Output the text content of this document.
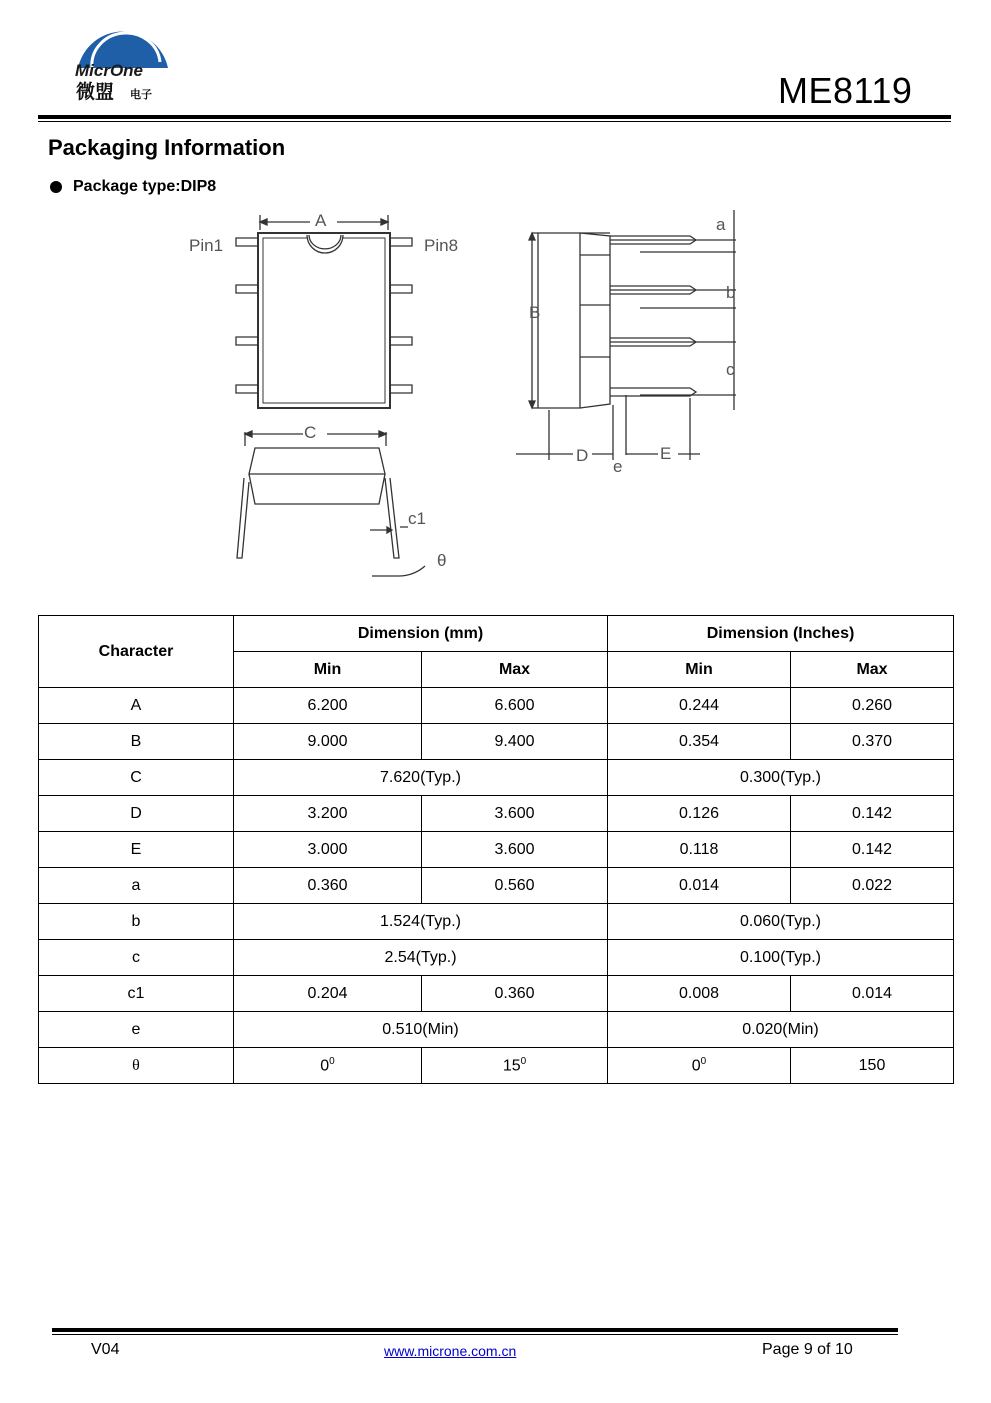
MicrOne
微盟 电子	ME8119
Packaging Information
Package type:DIP8
A
Pin1	Pin8
C
c1
θ
B
a
b
c
D
e
E
Character	Dimension (mm)		Dimension (Inches)	
	Min	Max	Min	Max
A	6.200	6.600	0.244	0.260
B	9.000	9.400	0.354	0.370
C	7.620(Typ.)		0.300(Typ.)	
D	3.200	3.600	0.126	0.142
E	3.000	3.600	0.118	0.142
a	0.360	0.560	0.014	0.022
b	1.524(Typ.)		0.060(Typ.)	
c	2.54(Typ.)		0.100(Typ.)	
c1	0.204	0.360	0.008	0.014
e	0.510(Min)		0.020(Min)	
θ	$0^0$	$15^0$	$0^0$	150
V04	www.microne.com.cn	Page 9 of 10
